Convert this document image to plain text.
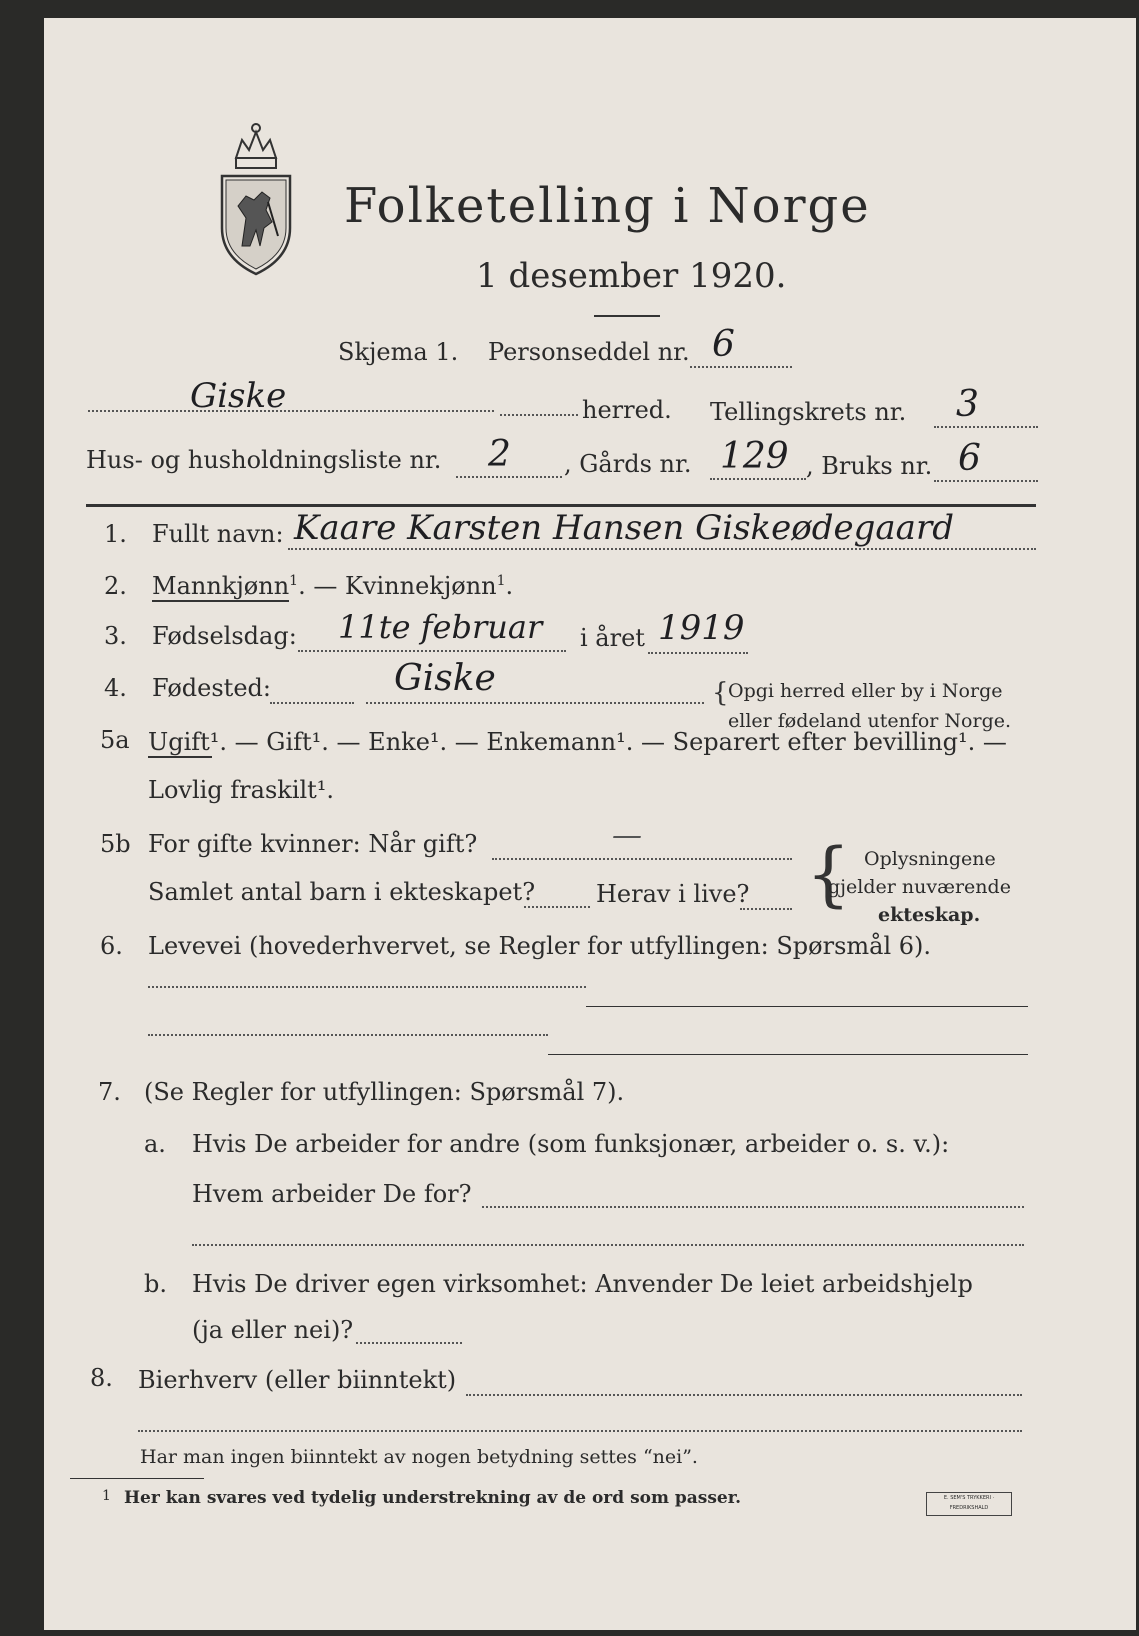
Folketelling i Norge
1 desember 1920.
Skjema 1. Personseddel nr. 6
Giske	herred. Tellingskrets nr. 3
Hus- og husholdningsliste nr. 2 , Gårds nr. 129 , Bruks nr. 6
1. Fullt navn: Kaare Karsten Hansen Giskeødegaard
2. Mannkjønn$^1$. — Kvinnekjønn$^1$.
3. Fødselsdag: 11te februar i året 1919
4. Fødested:	Giske	{ Opgi herred eller by i Norge
eller fødeland utenfor Norge.
5a Ugift¹. — Gift¹. — Enke¹. — Enkemann¹. — Separert efter bevilling¹. —
Lovlig fraskilt¹.
5b For gifte kvinner: Når gift?	—
Samlet antal barn i ekteskapet?	Herav i live? { Oplysningene
gjelder nuværende
ekteskap.
6. Levevei (hovederhvervet, se Regler for utfyllingen: Spørsmål 6).
7. (Se Regler for utfyllingen: Spørsmål 7).
a. Hvis De arbeider for andre (som funksjonær, arbeider o. s. v.):
Hvem arbeider De for?
b. Hvis De driver egen virksomhet: Anvender De leiet arbeidshjelp
(ja eller nei)?
8. Bierhverv (eller biinntekt)
Har man ingen biinntekt av nogen betydning settes “nei”.
1 Her kan svares ved tydelig understrekning av de ord som passer.	E. SEM'S TRYKKERI · FREDRIKSHALD
